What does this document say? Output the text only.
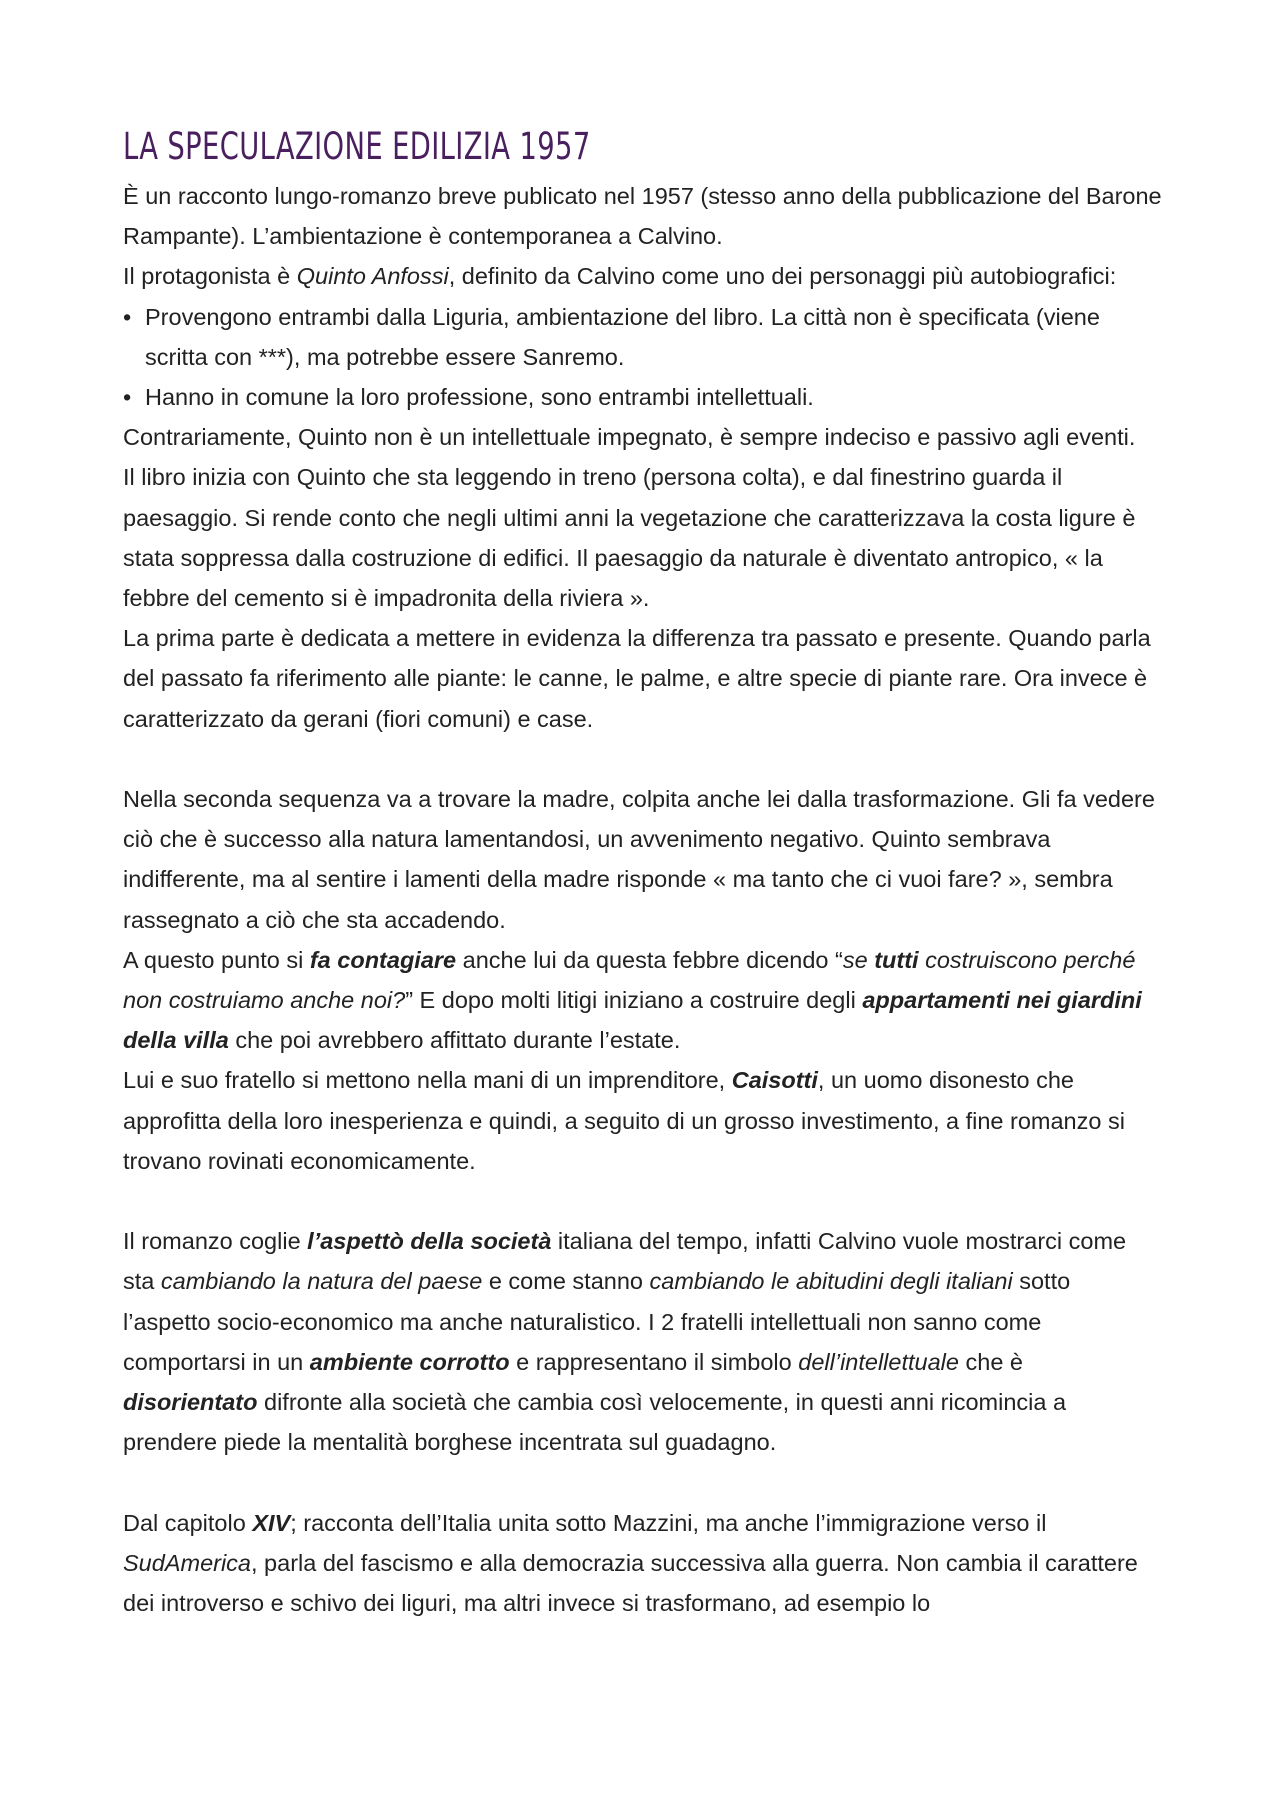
LA SPECULAZIONE EDILIZIA 1957

È un racconto lungo-romanzo breve publicato nel 1957 (stesso anno della pubblicazione del Barone Rampante). L’ambientazione è contemporanea a Calvino.

Il protagonista è Quinto Anfossi, definito da Calvino come uno dei personaggi più autobiografici:

• Provengono entrambi dalla Liguria, ambientazione del libro. La città non è specificata (viene scritta con ***), ma potrebbe essere Sanremo.
• Hanno in comune la loro professione, sono entrambi intellettuali.

Contrariamente, Quinto non è un intellettuale impegnato, è sempre indeciso e passivo agli eventi.

Il libro inizia con Quinto che sta leggendo in treno (persona colta), e dal finestrino guarda il paesaggio. Si rende conto che negli ultimi anni la vegetazione che caratterizzava la costa ligure è stata soppressa dalla costruzione di edifici. Il paesaggio da naturale è diventato antropico, « la febbre del cemento si è impadronita della riviera ».

La prima parte è dedicata a mettere in evidenza la differenza tra passato e presente. Quando parla del passato fa riferimento alle piante: le canne, le palme, e altre specie di piante rare. Ora invece è caratterizzato da gerani (fiori comuni) e case.

Nella seconda sequenza va a trovare la madre, colpita anche lei dalla trasformazione. Gli fa vedere ciò che è successo alla natura lamentandosi, un avvenimento negativo. Quinto sembrava indifferente, ma al sentire i lamenti della madre risponde « ma tanto che ci vuoi fare? », sembra rassegnato a ciò che sta accadendo.

A questo punto si fa contagiare anche lui da questa febbre dicendo “se tutti costruiscono perché non costruiamo anche noi?” E dopo molti litigi iniziano a costruire degli appartamenti nei giardini della villa che poi avrebbero affittato durante l’estate.

Lui e suo fratello si mettono nella mani di un imprenditore, Caisotti, un uomo disonesto che approfitta della loro inesperienza e quindi, a seguito di un grosso investimento, a fine romanzo si trovano rovinati economicamente.

Il romanzo coglie l’aspettò della società italiana del tempo, infatti Calvino vuole mostrarci come sta cambiando la natura del paese e come stanno cambiando le abitudini degli italiani sotto l’aspetto socio-economico ma anche naturalistico. I 2 fratelli intellettuali non sanno come comportarsi in un ambiente corrotto e rappresentano il simbolo dell’intellettuale che è disorientato difronte alla società che cambia così velocemente, in questi anni ricomincia a prendere piede la mentalità borghese incentrata sul guadagno.

Dal capitolo XIV; racconta dell’Italia unita sotto Mazzini, ma anche l’immigrazione verso il SudAmerica, parla del fascismo e alla democrazia successiva alla guerra. Non cambia il carattere dei introverso e schivo dei liguri, ma altri invece si trasformano, ad esempio lo
